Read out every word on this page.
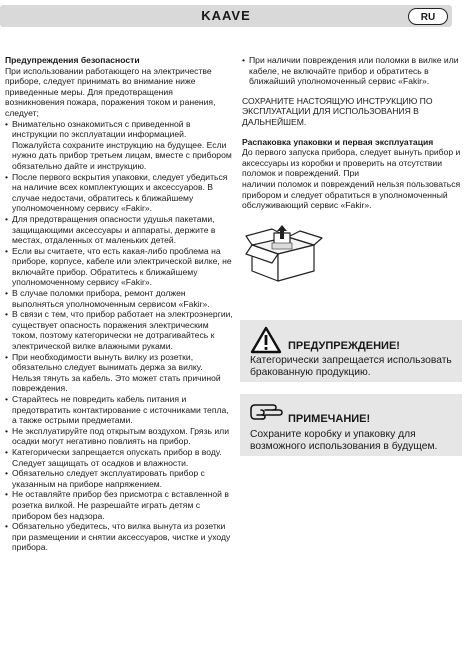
KAAVE	RU
Предупреждения безопасности

При использовании работающего на электричестве приборе, следует принимать во внимание ниже приведенные меры. Для предотвращения возникновения пожара, поражения током и ранения, следует;

• Внимательно ознакомиться с приведенной в инструкции по эксплуатации информацией. Пожалуйста сохраните инструкцию на будущее. Если нужно дать прибор третьем лицам, вместе с прибором обязательно дайте и инструкцию.
• После первого вскрытия упаковки, следует убедиться на наличие всех комплектующих и аксессуаров. В случае недостачи, обратитесь к ближайшему уполномоченному сервису «Fakir».
• Для предотвращения опасности удушья пакетами, защищающими аксессуары и аппараты, держите в местах, отдаленных от маленьких детей.
• Если вы считаете, что есть какая-либо проблема на приборе, корпусе, кабеле или электрической вилке, не включайте прибор. Обратитесь к ближайшему уполномоченному сервису «Fakir».
• В случае поломки прибора, ремонт должен выполняться уполномоченным сервисом «Fakir».
• В связи с тем, что прибор работает на электроэнергии, существует опасность поражения электрическим током, поэтому категорически не дотрагивайтесь к электрической вилке влажными руками.
• При необходимости вынуть вилку из розетки, обязательно следует вынимать держа за вилку. Нельзя тянуть за кабель. Это может стать причиной повреждения.
• Старайтесь не повредить кабель питания и предотвратить контактирование с источниками тепла, а также острыми предметами.
• Не эксплуатируйте под открытым воздухом. Грязь или осадки могут негативно повлиять на прибор.
• Категорически запрещается опускать прибор в воду. Следует защищать от осадков и влажности.
• Обязательно следует эксплуатировать прибор с указанным на приборе напряжением.
• Не оставляйте прибор без присмотра с вставленной в розетка вилкой. Не разрешайте играть детям с прибором без надзора.
• Обязательно убедитесь, что вилка вынута из розетки при размещении и снятии аксессуаров, чистке и уходу прибора.
• При наличии повреждения или поломки в вилке или кабеле, не включайте прибор и обратитесь в ближайший уполномоченный сервис «Fakir».

СОХРАНИТЕ НАСТОЯЩУЮ ИНСТРУКЦИЮ ПО ЭКСПЛУАТАЦИИ ДЛЯ ИСПОЛЬЗОВАНИЯ В ДАЛЬНЕЙШЕМ.

Распаковка упаковки и первая эксплуатация

До первого запуска прибора, следует вынуть прибор и аксессуары из коробки и проверить на отсутствии поломок и повреждений. При

наличии поломок и повреждений нельзя пользоваться прибором и следует обратиться в уполномоченный обслуживающий сервис «Fakir».

ПРЕДУПРЕЖДЕНИЕ!
Категорически запрещается использовать бракованную продукцию.
ПРИМЕЧАНИЕ!
Сохраните коробку и упаковку для возможного использования в будущем.
